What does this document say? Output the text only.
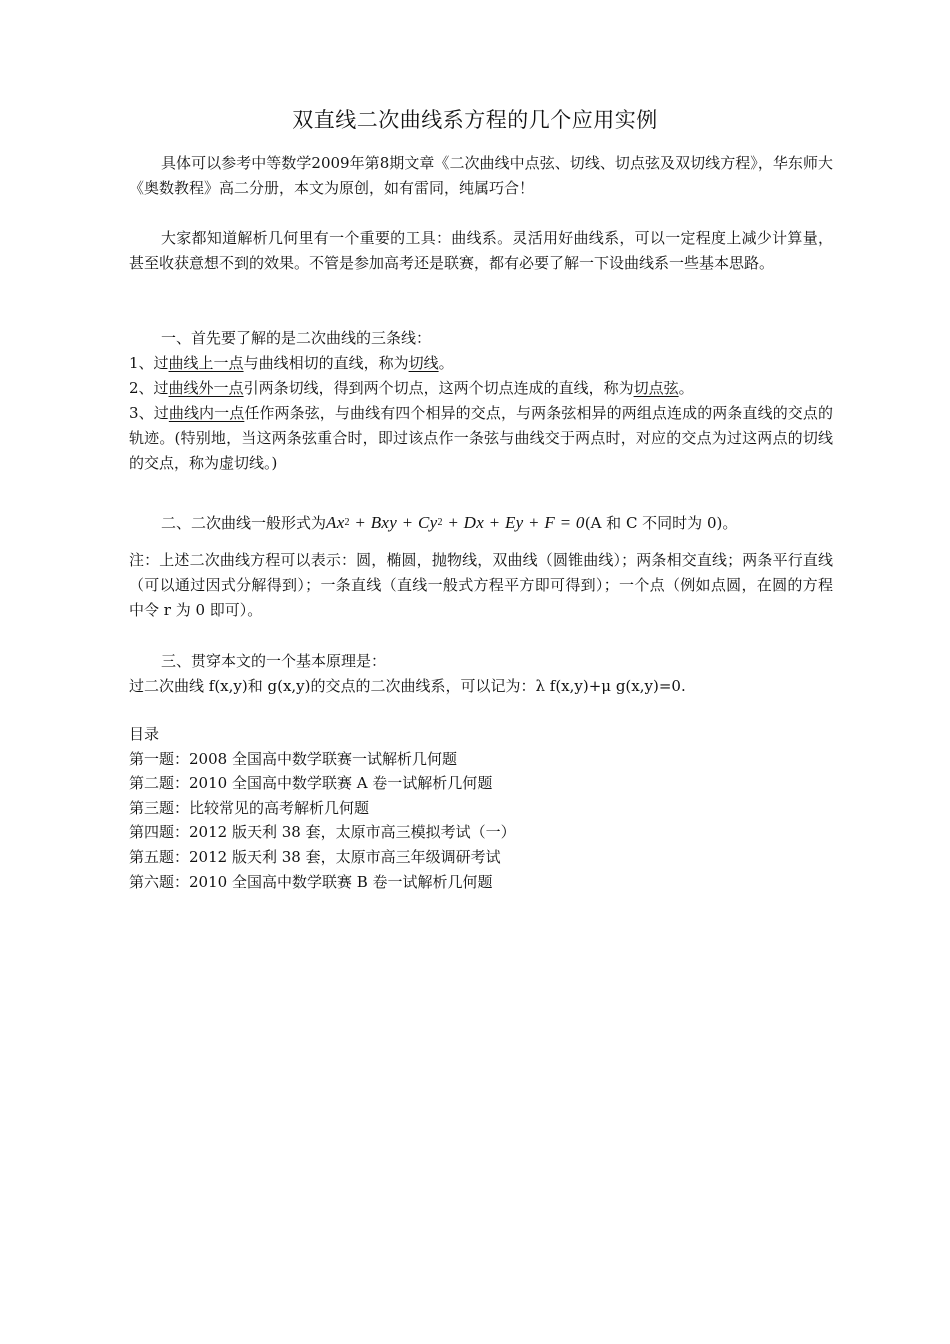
双直线二次曲线系方程的几个应用实例
具体可以参考中等数学2009年第8期文章《二次曲线中点弦、切线、切点弦及双切线方程》，华东师大《奥数教程》高二分册，本文为原创，如有雷同，纯属巧合！
大家都知道解析几何里有一个重要的工具：曲线系。灵活用好曲线系，可以一定程度上减少计算量，甚至收获意想不到的效果。不管是参加高考还是联赛，都有必要了解一下设曲线系一些基本思路。
一、首先要了解的是二次曲线的三条线：
1、过曲线上一点与曲线相切的直线，称为切线。
2、过曲线外一点引两条切线，得到两个切点，这两个切点连成的直线，称为切点弦。
3、过曲线内一点任作两条弦，与曲线有四个相异的交点，与两条弦相异的两组点连成的两条直线的交点的轨迹。(特别地，当这两条弦重合时，即过该点作一条弦与曲线交于两点时，对应的交点为过这两点的切线的交点，称为虚切线。)
二、二次曲线一般形式为$Ax^2$ + Bxy + $Cy^2 + Dx + Ey + F = 0(A$ 和 C 不同时为 0)。
注：上述二次曲线方程可以表示：圆，椭圆，抛物线，双曲线（圆锥曲线）；两条相交直线；两条平行直线（可以通过因式分解得到）；一条直线（直线一般式方程平方即可得到）；一个点（例如点圆，在圆的方程中令 r 为 0 即可）。
三、贯穿本文的一个基本原理是：
过二次曲线 f(x,y)和 g(x,y)的交点的二次曲线系，可以记为：λ f(x,y)+μ g(x,y)=0.
目录
第一题：2008 全国高中数学联赛一试解析几何题
第二题：2010 全国高中数学联赛 A 卷一试解析几何题
第三题：比较常见的高考解析几何题
第四题：2012 版天利 38 套，太原市高三模拟考试（一）
第五题：2012 版天利 38 套，太原市高三年级调研考试
第六题：2010 全国高中数学联赛 B 卷一试解析几何题
